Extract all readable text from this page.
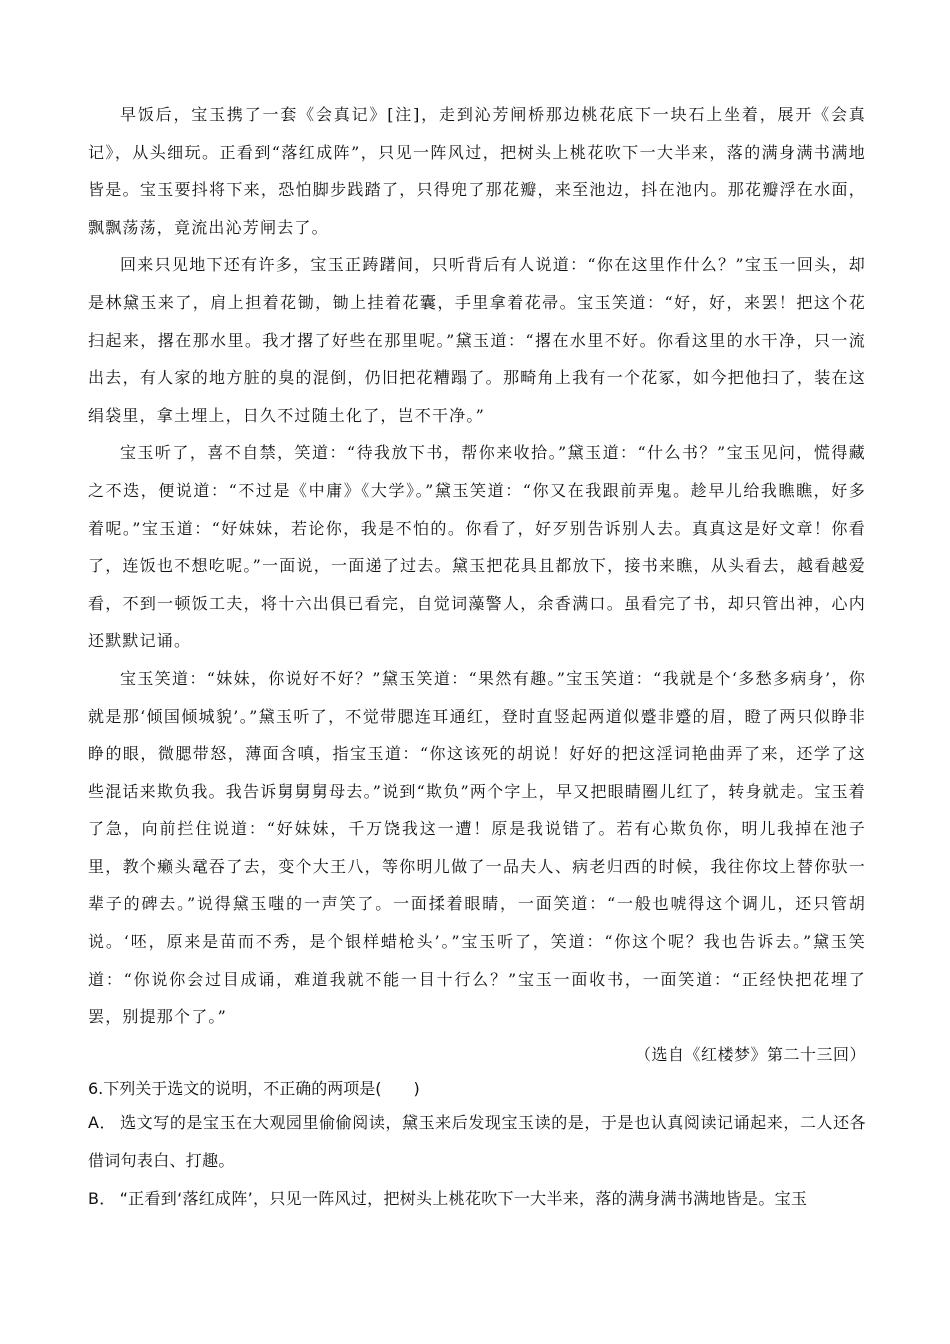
早饭后，宝玉携了一套《会真记》[注]，走到沁芳闸桥那边桃花底下一块石上坐着，展开《会真记》，从头细玩。正看到“落红成阵”，只见一阵风过，把树头上桃花吹下一大半来，落的满身满书满地皆是。宝玉要抖将下来，恐怕脚步践踏了，只得兜了那花瓣，来至池边，抖在池内。那花瓣浮在水面，飘飘荡荡，竟流出沁芳闸去了。

回来只见地下还有许多，宝玉正踌躇间，只听背后有人说道：“你在这里作什么？”宝玉一回头，却是林黛玉来了，肩上担着花锄，锄上挂着花囊，手里拿着花帚。宝玉笑道：“好，好，来罢！把这个花扫起来，撂在那水里。我才撂了好些在那里呢。”黛玉道：“撂在水里不好。你看这里的水干净，只一流出去，有人家的地方脏的臭的混倒，仍旧把花糟蹋了。那畸角上我有一个花冢，如今把他扫了，装在这绢袋里，拿土埋上，日久不过随土化了，岂不干净。”

宝玉听了，喜不自禁，笑道：“待我放下书，帮你来收拾。”黛玉道：“什么书？”宝玉见问，慌得藏之不迭，便说道：“不过是《中庸》《大学》。”黛玉笑道：“你又在我跟前弄鬼。趁早儿给我瞧瞧，好多着呢。”宝玉道：“好妹妹，若论你，我是不怕的。你看了，好歹别告诉别人去。真真这是好文章！你看了，连饭也不想吃呢。”一面说，一面递了过去。黛玉把花具且都放下，接书来瞧，从头看去，越看越爱看，不到一顿饭工夫，将十六出俱已看完，自觉词藻警人，余香满口。虽看完了书，却只管出神，心内还默默记诵。

宝玉笑道：“妹妹，你说好不好？”黛玉笑道：“果然有趣。”宝玉笑道：“我就是个‘多愁多病身’，你就是那‘倾国倾城貌’。”黛玉听了，不觉带腮连耳通红，登时直竖起两道似蹙非蹙的眉，瞪了两只似睁非睁的眼，微腮带怒，薄面含嗔，指宝玉道：“你这该死的胡说！好好的把这淫词艳曲弄了来，还学了这些混话来欺负我。我告诉舅舅舅母去。”说到“欺负”两个字上，早又把眼睛圈儿红了，转身就走。宝玉着了急，向前拦住说道：“好妹妹，千万饶我这一遭！原是我说错了。若有心欺负你，明儿我掉在池子里，教个癞头鼋吞了去，变个大王八，等你明儿做了一品夫人、病老归西的时候，我往你坟上替你驮一辈子的碑去。”说得黛玉嗤的一声笑了。一面揉着眼睛，一面笑道：“一般也唬得这个调儿，还只管胡说。‘呸，原来是苗而不秀，是个银样蜡枪头’。”宝玉听了，笑道：“你这个呢？我也告诉去。”黛玉笑道：“你说你会过目成诵，难道我就不能一目十行么？”宝玉一面收书，一面笑道：“正经快把花埋了罢，别提那个了。”

（选自《红楼梦》第二十三回）

6.下列关于选文的说明，不正确的两项是(　　)

A． 选文写的是宝玉在大观园里偷偷阅读，黛玉来后发现宝玉读的是，于是也认真阅读记诵起来，二人还各借词句表白、打趣。

B． “正看到‘落红成阵’，只见一阵风过，把树头上桃花吹下一大半来，落的满身满书满地皆是。宝玉
